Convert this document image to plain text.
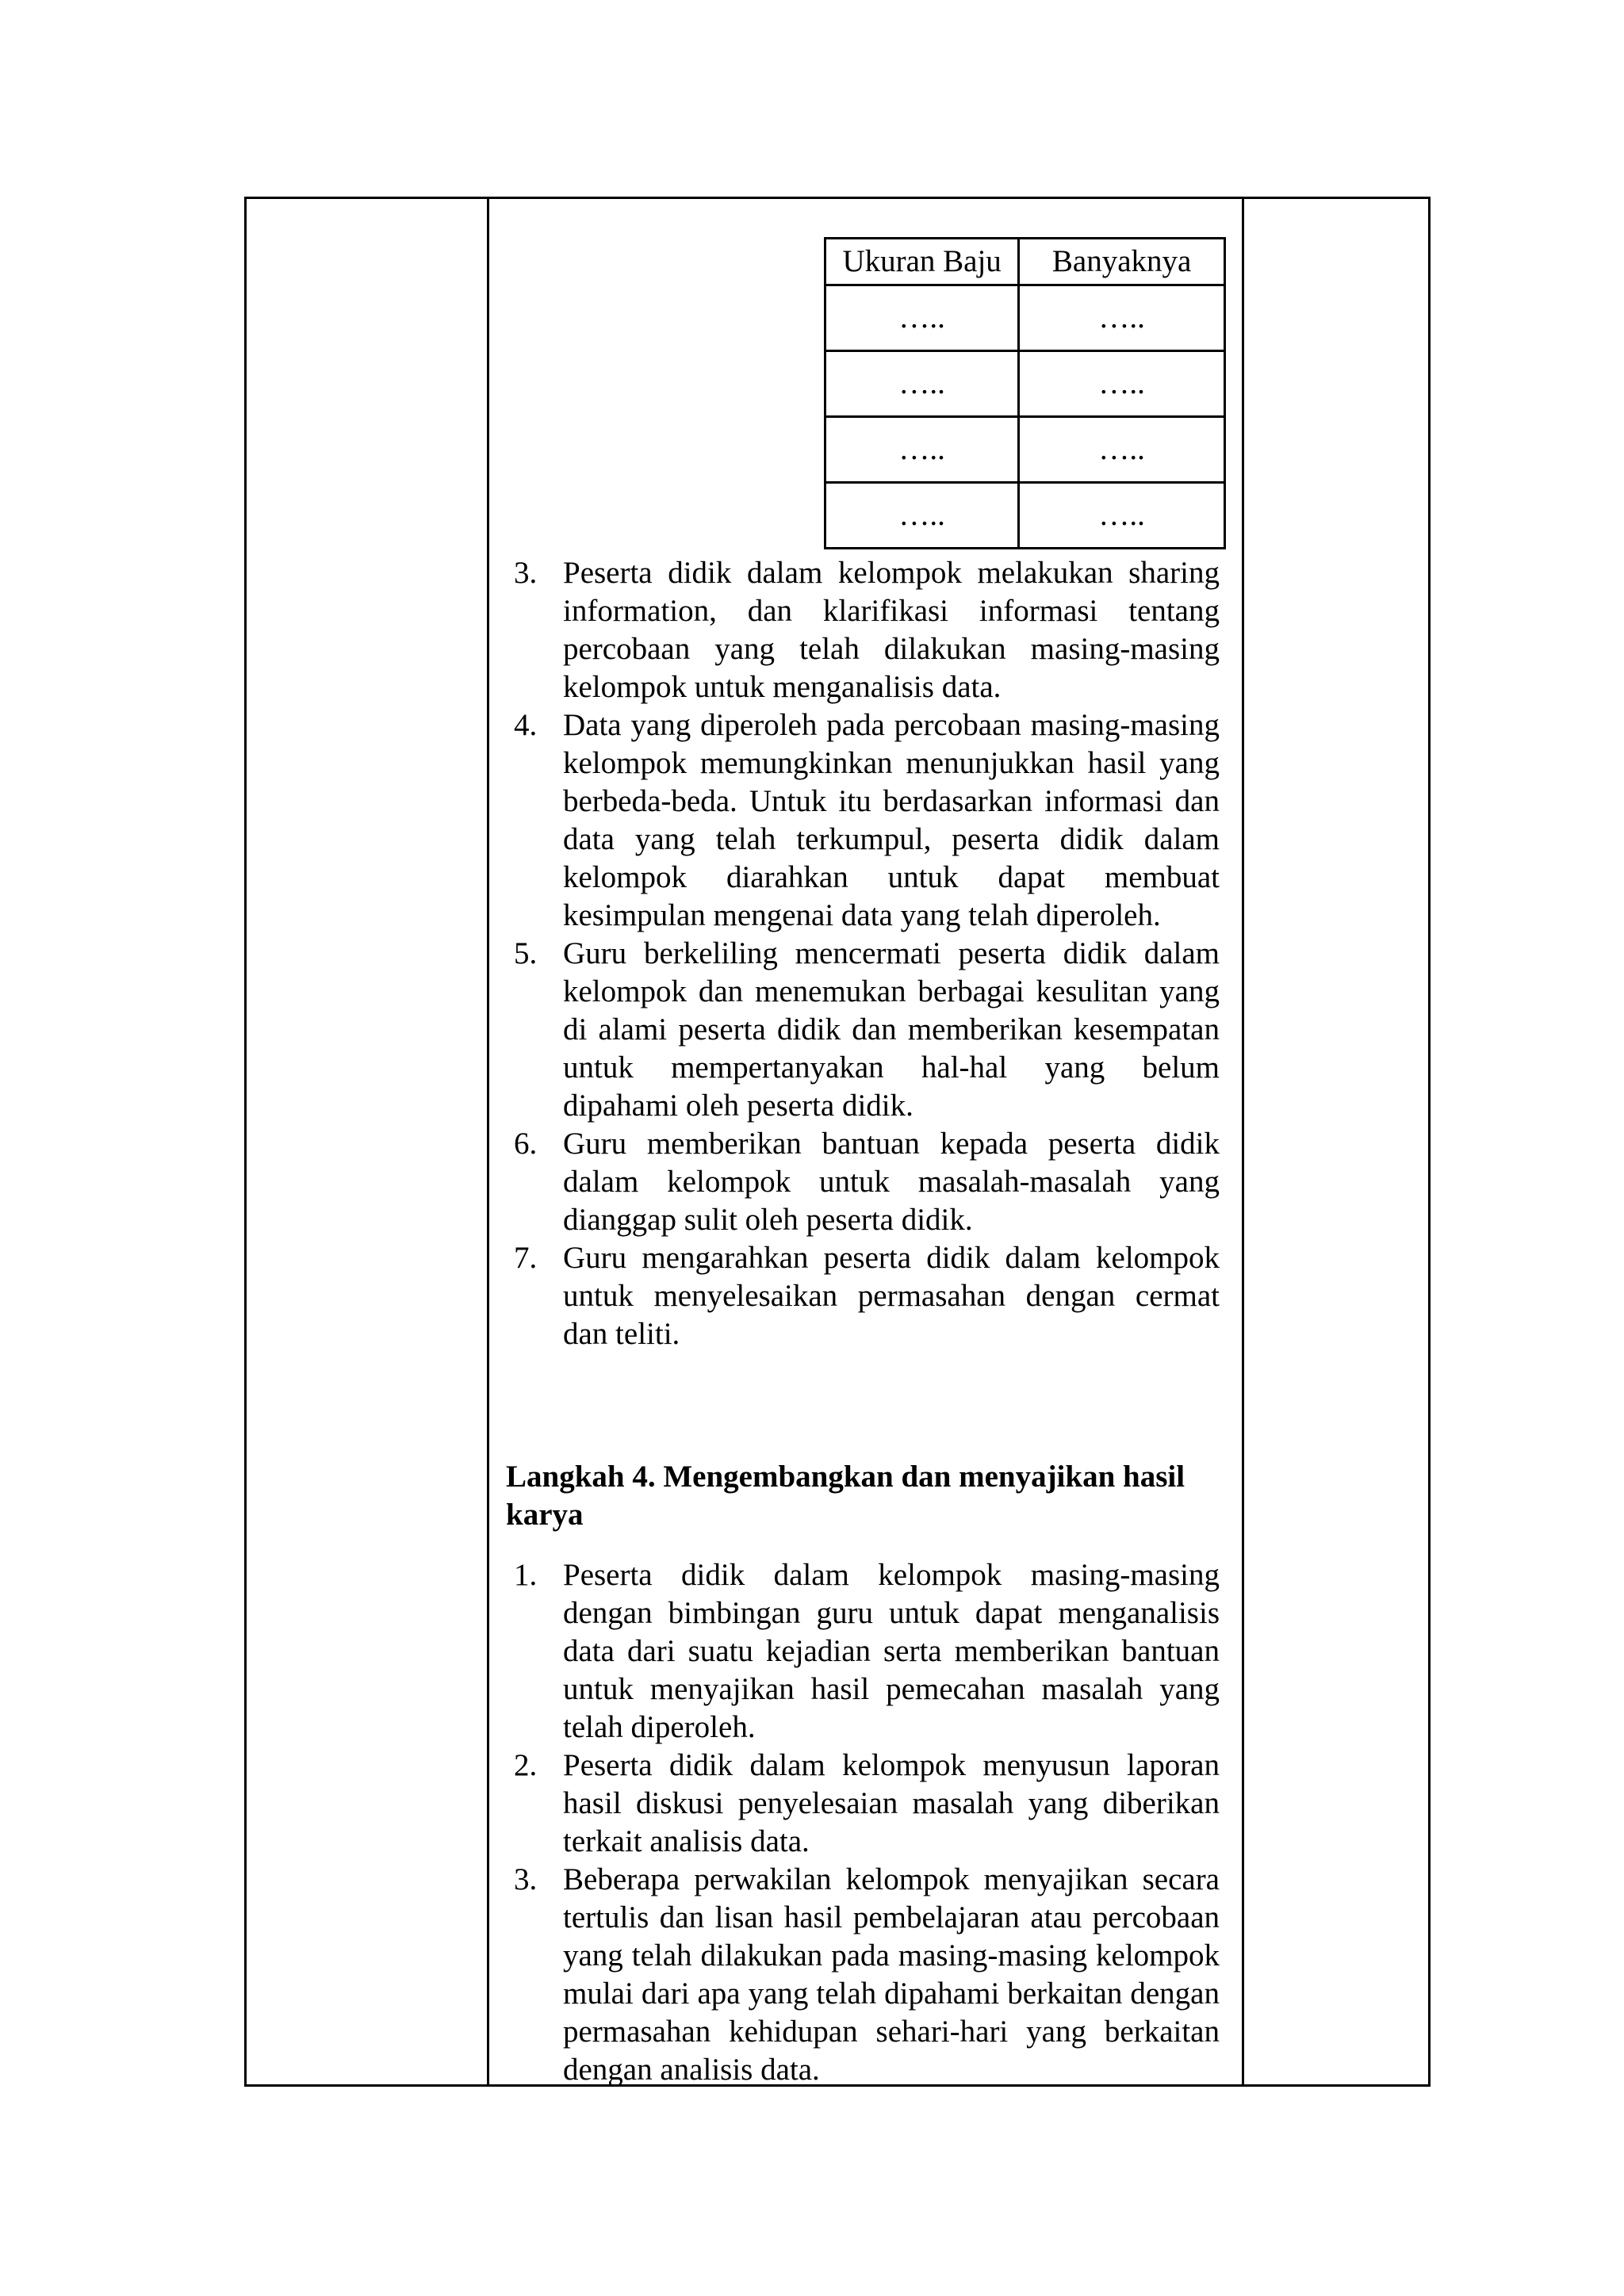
Ukuran Baju	Banyaknya
…..	…..
…..	…..
…..	…..
…..	…..
3. Peserta didik dalam kelompok melakukan sharing information, dan klarifikasi informasi tentang percobaan yang telah dilakukan masing-masing kelompok untuk menganalisis data.
4. Data yang diperoleh pada percobaan masing-masing kelompok memungkinkan menunjukkan hasil yang berbeda-beda. Untuk itu berdasarkan informasi dan data yang telah terkumpul, peserta didik dalam kelompok diarahkan untuk dapat membuat kesimpulan mengenai data yang telah diperoleh.
5. Guru berkeliling mencermati peserta didik dalam kelompok dan menemukan berbagai kesulitan yang di alami peserta didik dan memberikan kesempatan untuk mempertanyakan hal-hal yang belum dipahami oleh peserta didik.
6. Guru memberikan bantuan kepada peserta didik dalam kelompok untuk masalah-masalah yang dianggap sulit oleh peserta didik.
7. Guru mengarahkan peserta didik dalam kelompok untuk menyelesaikan permasahan dengan cermat dan teliti.
Langkah 4. Mengembangkan dan menyajikan hasil karya
1. Peserta didik dalam kelompok masing-masing dengan bimbingan guru untuk dapat menganalisis data dari suatu kejadian serta memberikan bantuan untuk menyajikan hasil pemecahan masalah yang telah diperoleh.
2. Peserta didik dalam kelompok menyusun laporan hasil diskusi penyelesaian masalah yang diberikan terkait analisis data.
3. Beberapa perwakilan kelompok menyajikan secara tertulis dan lisan hasil pembelajaran atau percobaan yang telah dilakukan pada masing-masing kelompok mulai dari apa yang telah dipahami berkaitan dengan permasahan kehidupan sehari-hari yang berkaitan dengan analisis data.
